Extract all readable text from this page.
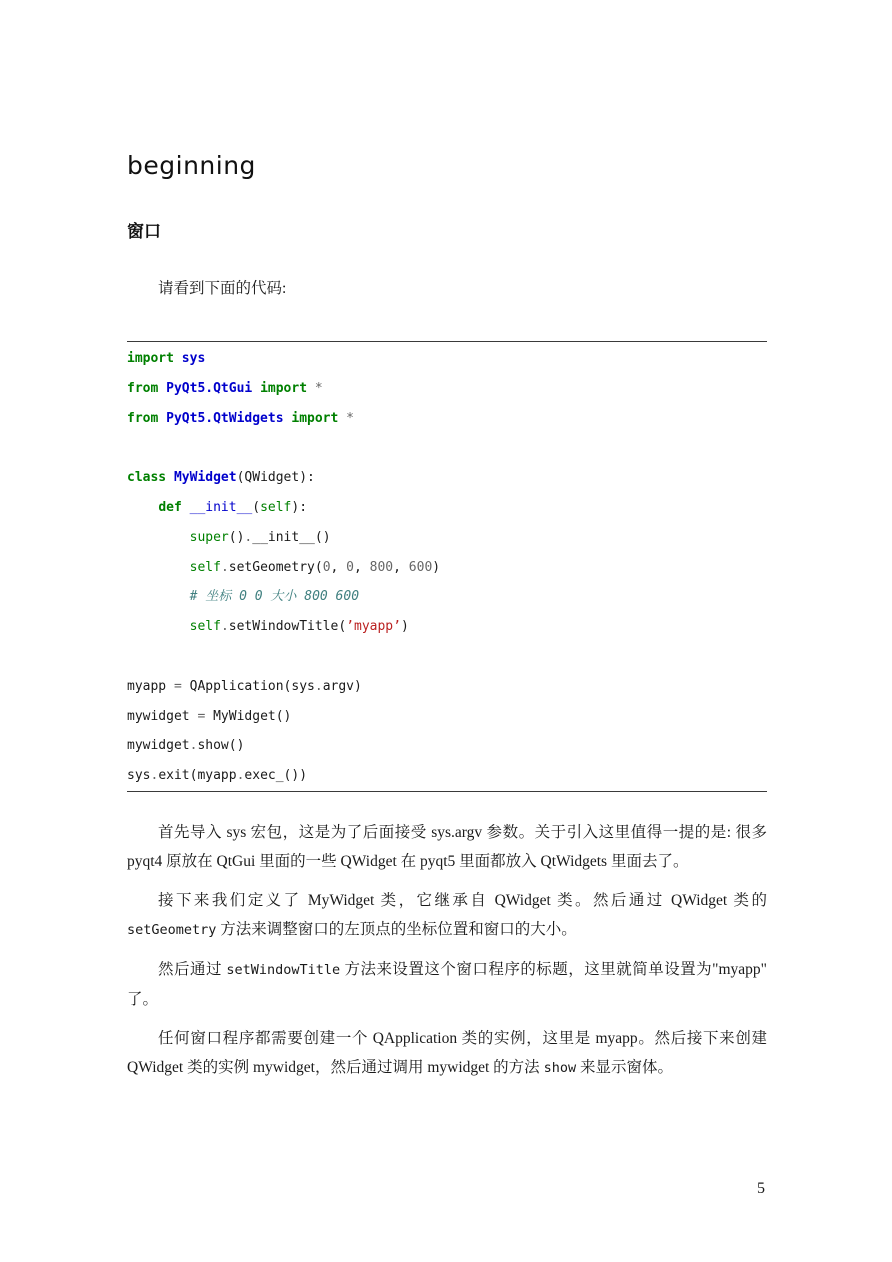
beginning
窗口

请看到下面的代码:

import sys
from PyQt5.QtGui import *
from PyQt5.QtWidgets import *

class MyWidget(QWidget):
def __init__(self):
super().__init__()
self.setGeometry(0, 0, 800, 600)
# 坐标 0 0 大小 800 600
self.setWindowTitle(’myapp’)

myapp = QApplication(sys.argv)
mywidget = MyWidget()
mywidget.show()
sys.exit(myapp.exec_())

首先导入 sys 宏包，这是为了后面接受 sys.argv 参数。关于引入这里值得一提的是: 很多 pyqt4 原放在 QtGui 里面的一些 QWidget 在 pyqt5 里面都放入 QtWidgets 里面去了。

接下来我们定义了 MyWidget 类，它继承自 QWidget 类。然后通过 QWidget 类的 setGeometry 方法来调整窗口的左顶点的坐标位置和窗口的大小。

然后通过 setWindowTitle 方法来设置这个窗口程序的标题，这里就简单设置为"myapp" 了。

任何窗口程序都需要创建一个 QApplication 类的实例，这里是 myapp。然后接下来创建 QWidget 类的实例 mywidget，然后通过调用 mywidget 的方法 show 来显示窗体。

5
